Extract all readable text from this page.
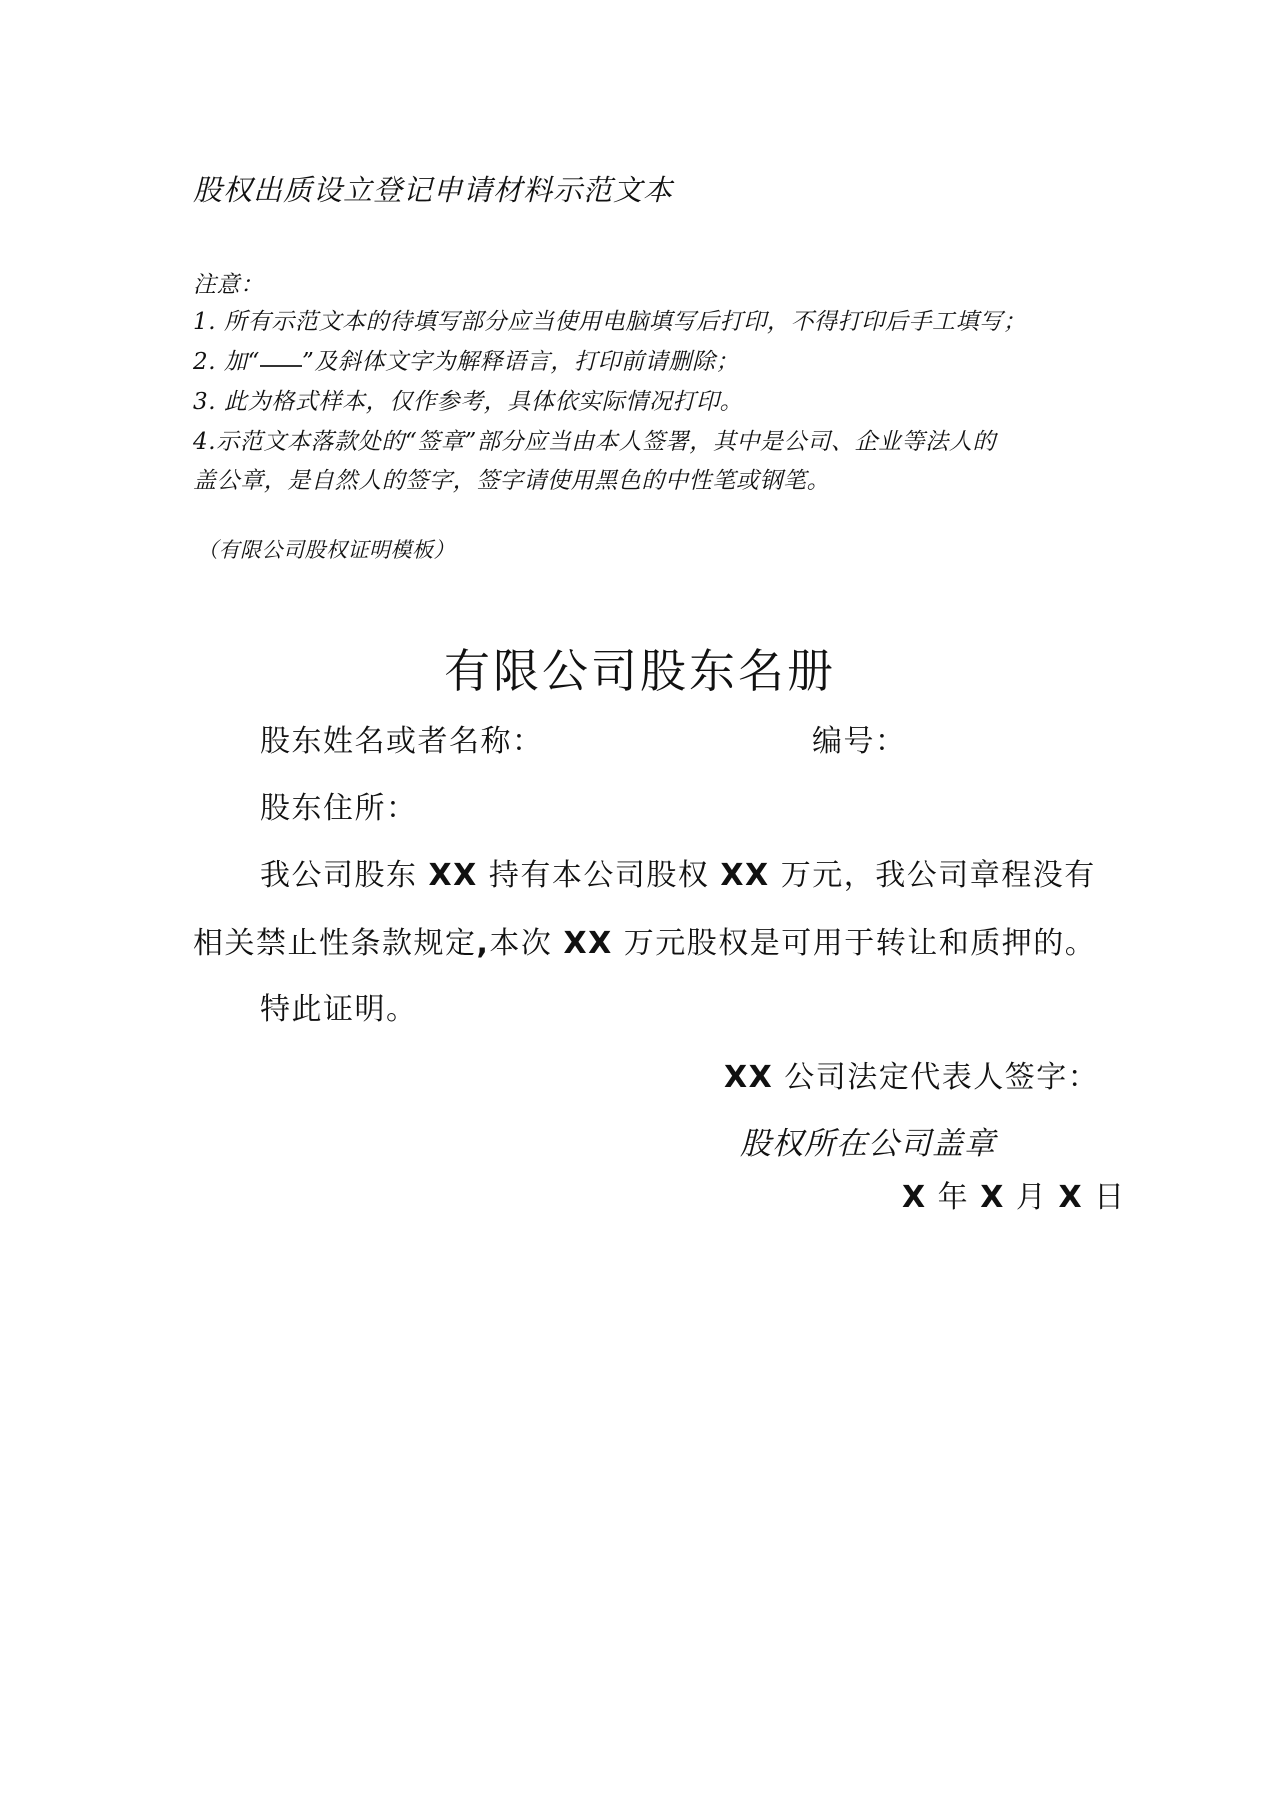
股权出质设立登记申请材料示范文本
注意：
1. 所有示范文本的待填写部分应当使用电脑填写后打印，不得打印后手工填写；
2. 加“ ”及斜体文字为解释语言，打印前请删除；
3. 此为格式样本，仅作参考，具体依实际情况打印。
4.示范文本落款处的“签章”部分应当由本人签署，其中是公司、企业等法人的
盖公章，是自然人的签字，签字请使用黑色的中性笔或钢笔。
（有限公司股权证明模板）
有限公司股东名册
股东姓名或者名称：	编号：
股东住所：
我公司股东 XX 持有本公司股权 XX 万元，我公司章程没有
相关禁止性条款规定,本次 XX 万元股权是可用于转让和质押的。
特此证明。
XX 公司法定代表人签字：
股权所在公司盖章
X 年 X 月 X 日
